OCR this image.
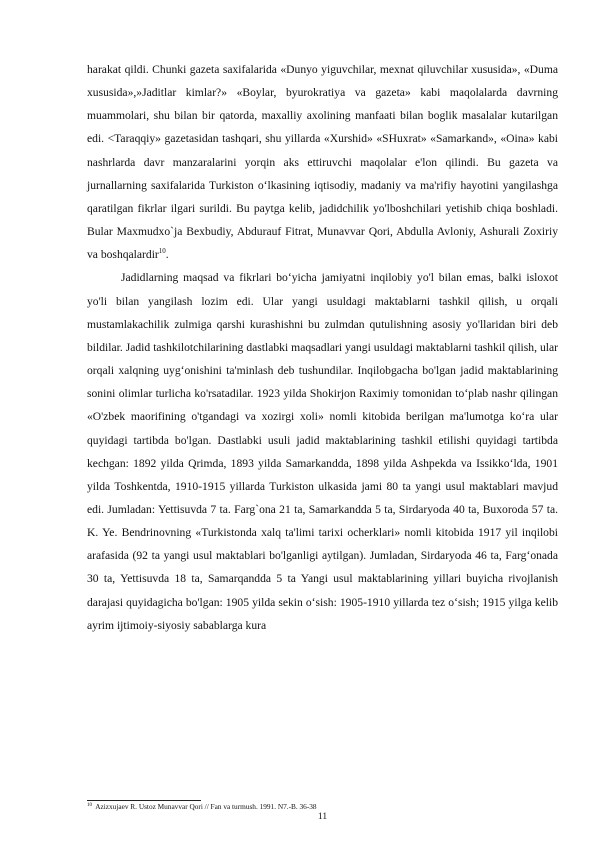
harakat qildi. Chunki gazeta saxifalarida «Dunyo yiguvchilar, mexnat qiluvchilar xususida», «Duma xususida»,»Jaditlar kimlar?» «Boylar, byurokratiya va gazeta» kabi maqolalarda davrning muammolari, shu bilan bir qatorda, maxalliy axolining manfaati bilan boglik masalalar kutarilgan edi. <Taraqqiy» gazetasidan tashqari, shu yillarda «Xurshid» «SHuxrat» «Samarkand», «Oina» kabi nashrlarda davr manzaralarini yorqin aks ettiruvchi maqolalar e'lon qilindi. Bu gazeta va jurnallarning saxifalarida Turkiston o‘lkasining iqtisodiy, madaniy va ma'rifiy hayotini yangilashga qaratilgan fikrlar ilgari surildi. Bu paytga kelib, jadidchilik yo'lboshchilari yetishib chiqa boshladi. Bular Maxmudxo`ja Bexbudiy, Abdurauf Fitrat, Munavvar Qori, Abdulla Avloniy, Ashurali Zoxiriy va boshqalardir$^{10}$.

Jadidlarning maqsad va fikrlari bo‘yicha jamiyatni inqilobiy yo'l bilan emas, balki isloxot yo'li bilan yangilash lozim edi. Ular yangi usuldagi maktablarni tashkil qilish, u orqali mustamlakachilik zulmiga qarshi kurashishni bu zulmdan qutulishning asosiy yo'llaridan biri deb bildilar. Jadid tashkilotchilarining dastlabki maqsadlari yangi usuldagi maktablarni tashkil qilish, ular orqali xalqning uyg‘onishini ta'minlash deb tushundilar. Inqilobgacha bo'lgan jadid maktablarining sonini olimlar turlicha ko'rsatadilar. 1923 yilda Shokirjon Raximiy tomonidan to‘plab nashr qilingan «O'zbek maorifining o'tgandagi va xozirgi xoli» nomli kitobida berilgan ma'lumotga ko‘ra ular quyidagi tartibda bo'lgan. Dastlabki usuli jadid maktablarining tashkil etilishi quyidagi tartibda kechgan: 1892 yilda Qrimda, 1893 yilda Samarkandda, 1898 yilda Ashpekda va Issikko‘lda, 1901 yilda Toshkentda, 1910-1915 yillarda Turkiston ulkasida jami 80 ta yangi usul maktablari mavjud edi. Jumladan: Yettisuvda 7 ta. Farg`ona 21 ta, Samarkandda 5 ta, Sirdaryoda 40 ta, Buxoroda 57 ta. K. Ye. Bendrinovning «Turkistonda xalq ta'limi tarixi ocherklari» nomli kitobida 1917 yil inqilobi arafasida (92 ta yangi usul maktablari bo'lganligi aytilgan). Jumladan, Sirdaryoda 46 ta, Farg‘onada 30 ta, Yettisuvda 18 ta, Samarqandda 5 ta Yangi usul maktablarining yillari buyicha rivojlanish darajasi quyidagicha bo'lgan: 1905 yilda sekin o‘sish: 1905-1910 yillarda tez o‘sish; 1915 yilga kelib ayrim ijtimoiy-siyosiy sabablarga kura

$^{10}$ Azizxujaev R. Ustoz Munavvar Qori // Fan va turmush. 1991. N7.-B. 36-38
11
